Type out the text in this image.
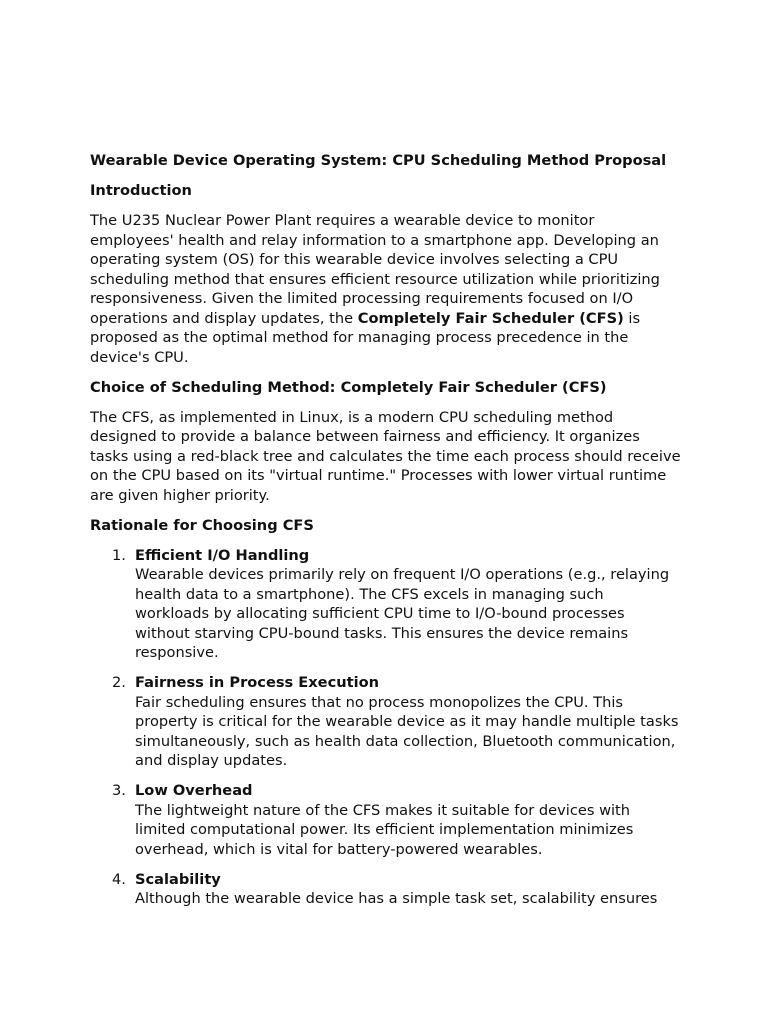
Wearable Device Operating System: CPU Scheduling Method Proposal
Introduction

The U235 Nuclear Power Plant requires a wearable device to monitor employees' health and relay information to a smartphone app. Developing an operating system (OS) for this wearable device involves selecting a CPU scheduling method that ensures efficient resource utilization while prioritizing responsiveness. Given the limited processing requirements focused on I/O operations and display updates, the Completely Fair Scheduler (CFS) is proposed as the optimal method for managing process precedence in the device's CPU.

Choice of Scheduling Method: Completely Fair Scheduler (CFS)

The CFS, as implemented in Linux, is a modern CPU scheduling method designed to provide a balance between fairness and efficiency. It organizes tasks using a red-black tree and calculates the time each process should receive on the CPU based on its "virtual runtime." Processes with lower virtual runtime are given higher priority.

Rationale for Choosing CFS
1. Efficient I/O Handling
Wearable devices primarily rely on frequent I/O operations (e.g., relaying health data to a smartphone). The CFS excels in managing such workloads by allocating sufficient CPU time to I/O-bound processes without starving CPU-bound tasks. This ensures the device remains responsive.
2. Fairness in Process Execution
Fair scheduling ensures that no process monopolizes the CPU. This property is critical for the wearable device as it may handle multiple tasks simultaneously, such as health data collection, Bluetooth communication, and display updates.
3. Low Overhead
The lightweight nature of the CFS makes it suitable for devices with limited computational power. Its efficient implementation minimizes overhead, which is vital for battery-powered wearables.
4. Scalability
Although the wearable device has a simple task set, scalability ensures
